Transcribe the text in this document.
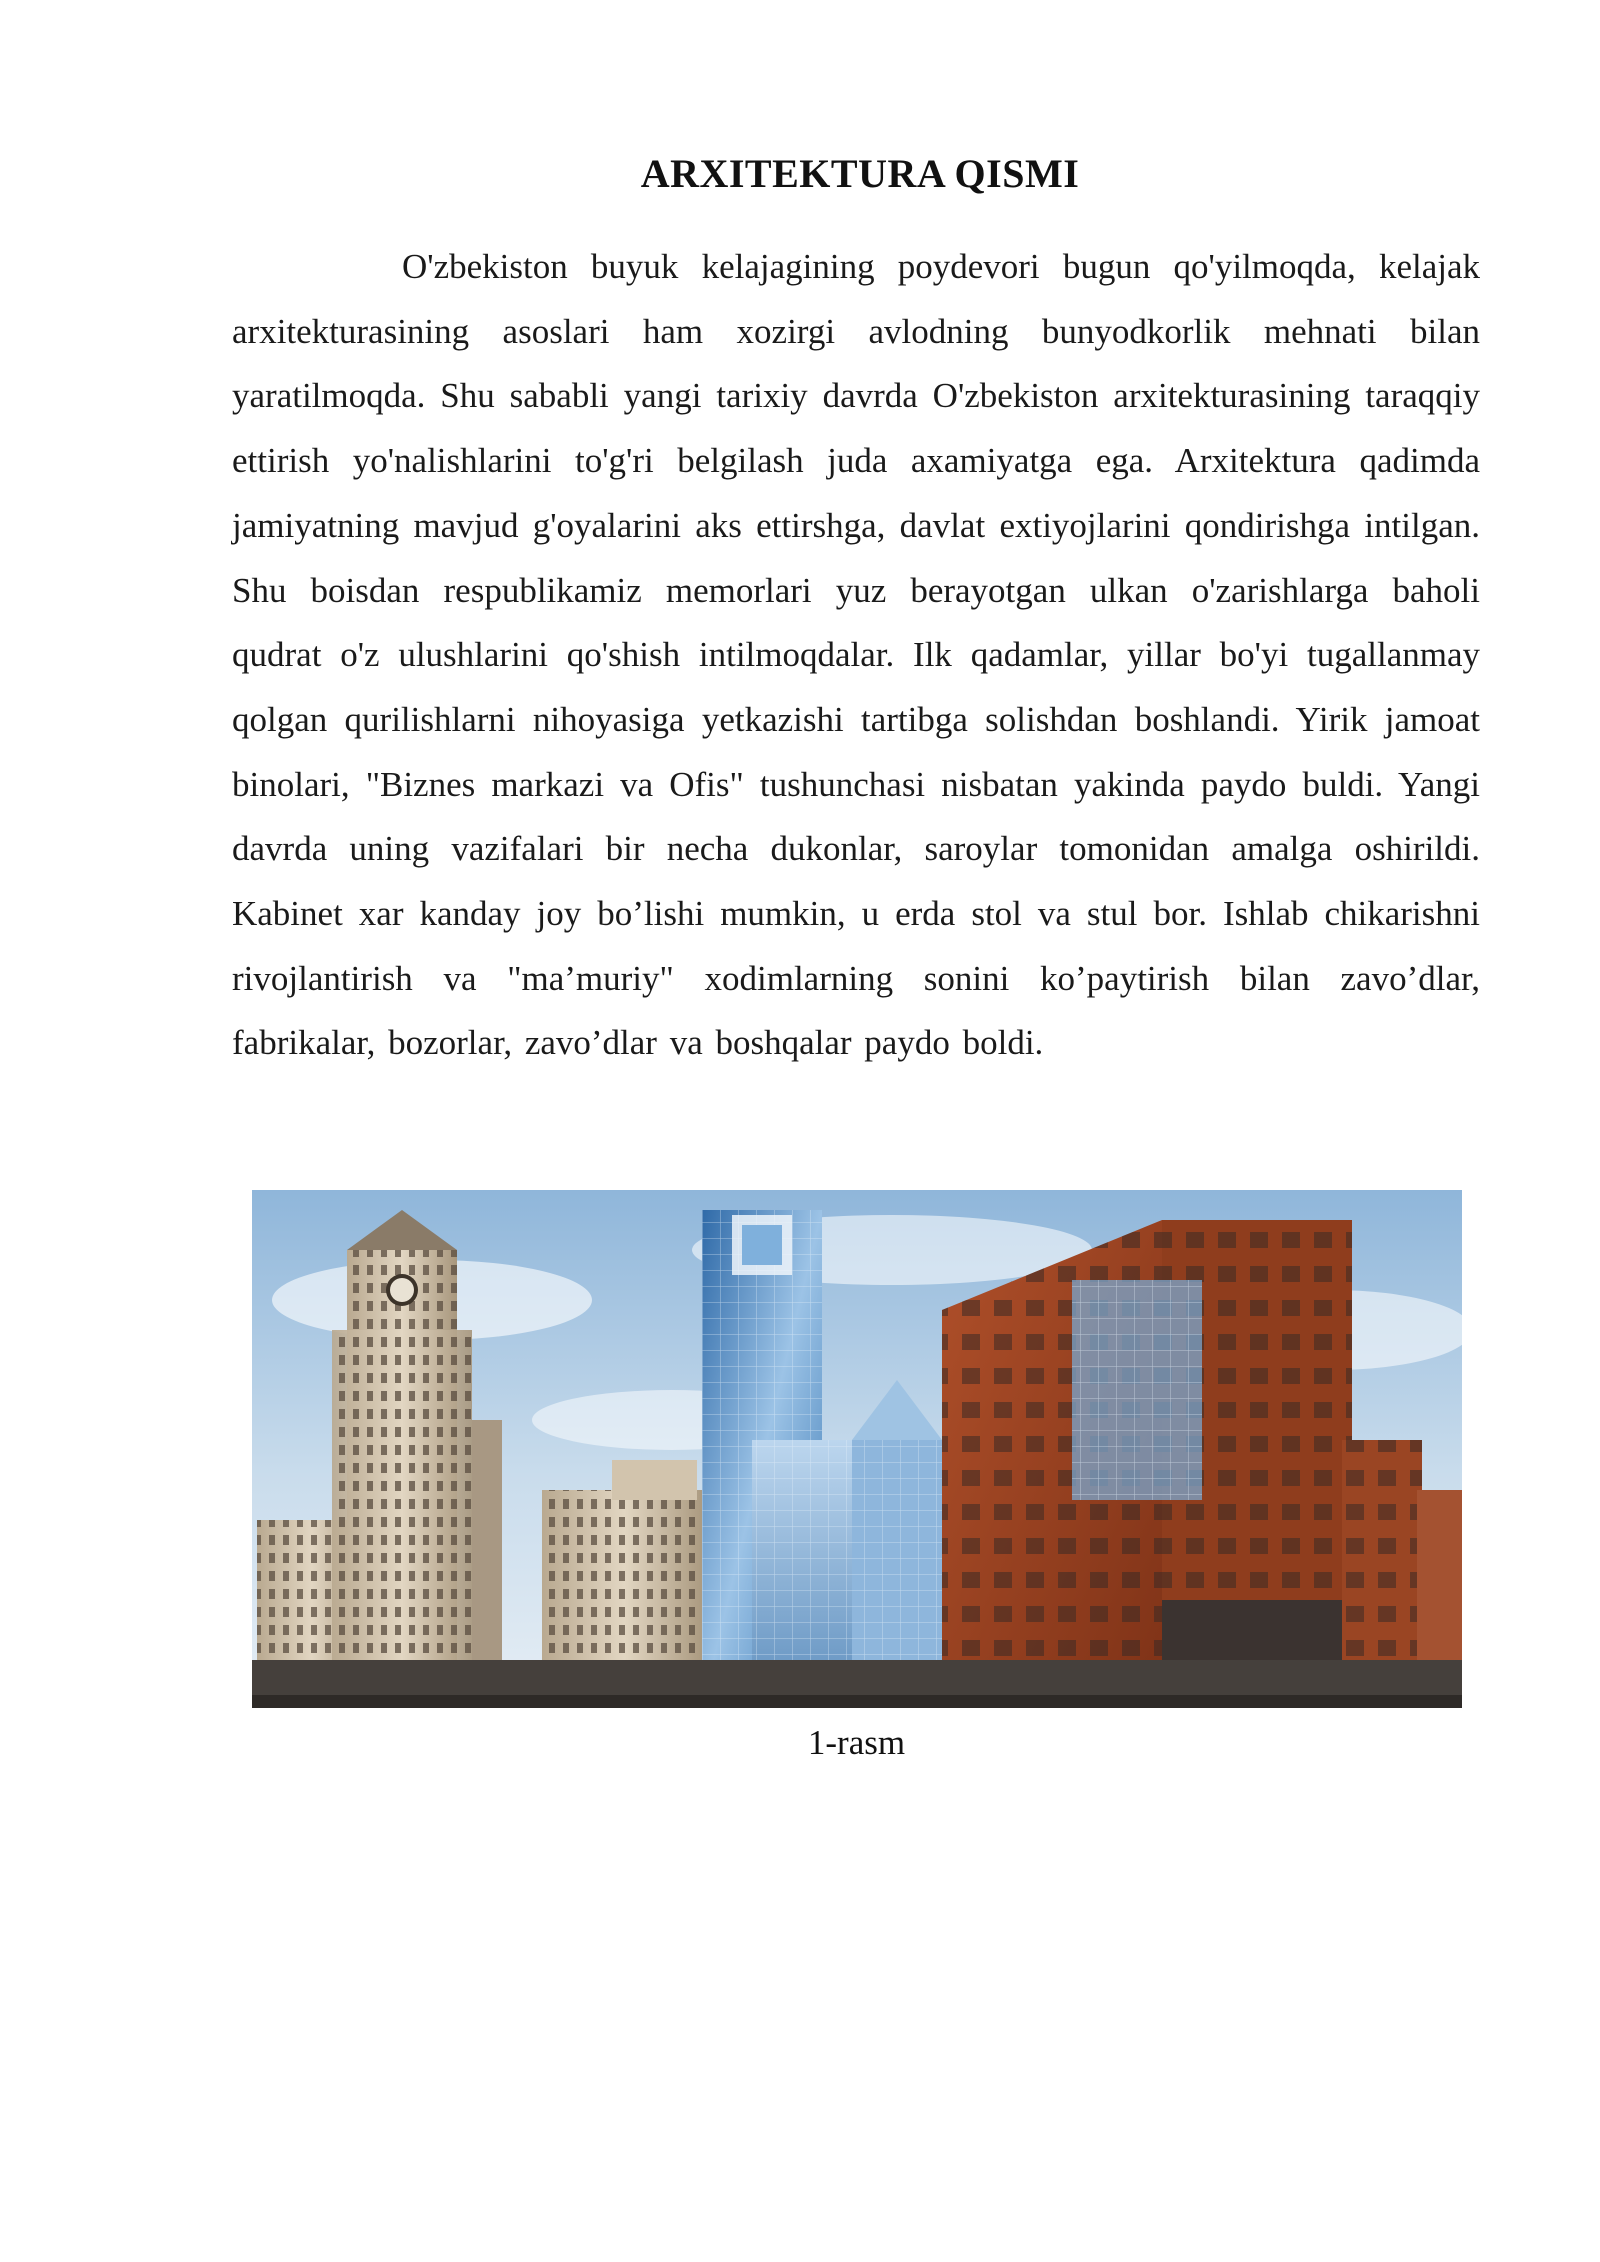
ARXITEKTURA QISMI

O'zbekiston buyuk kelajagining poydevori bugun qo'yilmoqda, kelajak arxitekturasining asoslari ham xozirgi avlodning bunyodkorlik mehnati bilan yaratilmoqda. Shu sababli yangi tarixiy davrda O'zbekiston arxitekturasining taraqqiy ettirish yo'nalishlarini to'g'ri belgilash juda axamiyatga ega. Arxitektura qadimda jamiyatning mavjud g'oyalarini aks ettirshga, davlat extiyojlarini qondirishga intilgan. Shu boisdan respublikamiz memorlari yuz berayotgan ulkan o'zarishlarga baholi qudrat o'z ulushlarini qo'shish intilmoqdalar. Ilk qadamlar, yillar bo'yi tugallanmay qolgan qurilishlarni nihoyasiga yetkazishi tartibga solishdan boshlandi. Yirik jamoat binolari, "Biznes markazi va Ofis" tushunchasi nisbatan yakinda paydo buldi. Yangi davrda uning vazifalari bir necha dukonlar, saroylar tomonidan amalga oshirildi. Kabinet xar kanday joy bo’lishi mumkin, u erda stol va stul bor. Ishlab chikarishni rivojlantirish va "ma’muriy" xodimlarning sonini ko’paytirish bilan zavo’dlar, fabrikalar, bozorlar, zavo’dlar va boshqalar paydo boldi.

1-rasm
